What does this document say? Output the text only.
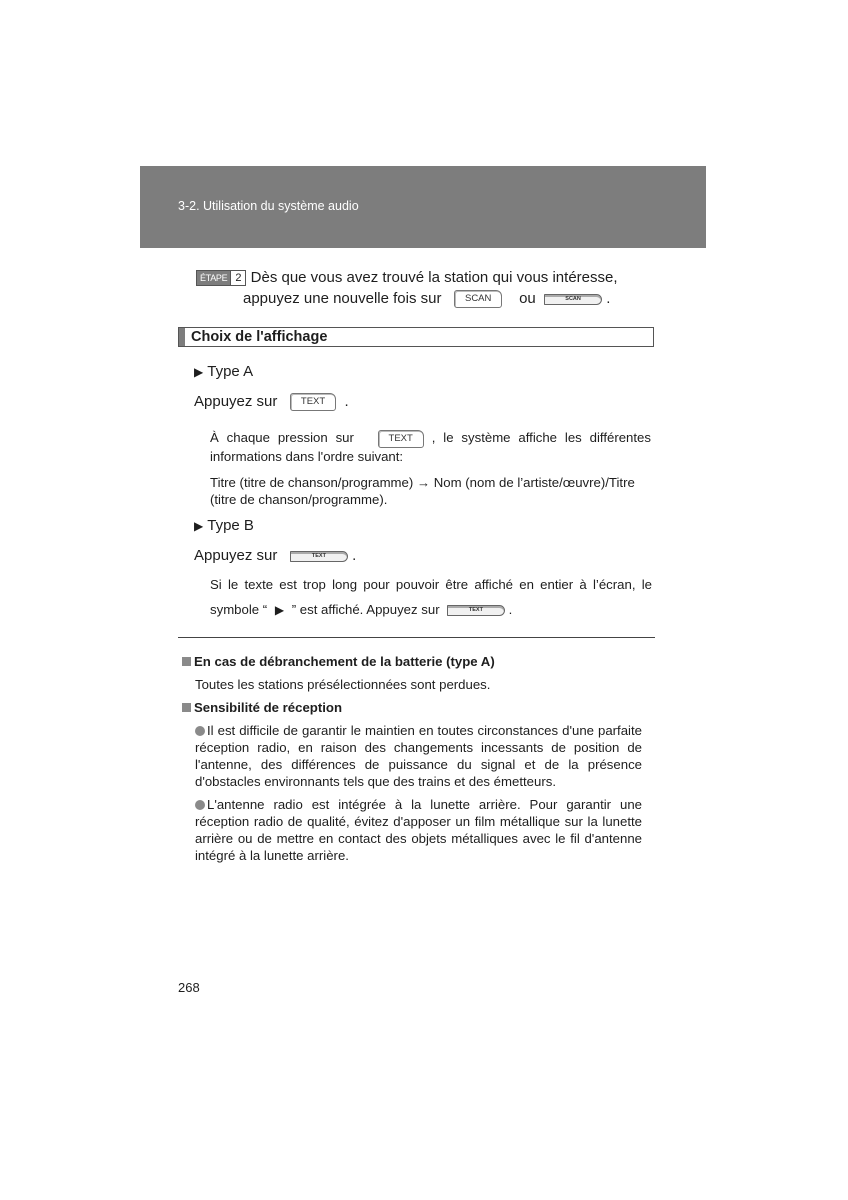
3-2. Utilisation du système audio
ÉTAPE 2 Dès que vous avez trouvé la station qui vous intéresse,
appuyez une nouvelle fois sur SCAN ou	SCAN .
Choix de l'affichage
▶ Type A
Appuyez sur TEXT .
À chaque pression sur	TEXT , le système affiche les différentes informations dans l'ordre suivant:
Titre (titre de chanson/programme) → Nom (nom de l’artiste/œuvre)/Titre (titre de chanson/programme).
▶ Type B
Appuyez sur	TEXT .
Si le texte est trop long pour pouvoir être affiché en entier à l’écran, le
symbole “ ▶ ” est affiché. Appuyez sur	TEXT .
En cas de débranchement de la batterie (type A)
Toutes les stations présélectionnées sont perdues.
Sensibilité de réception
Il est difficile de garantir le maintien en toutes circonstances d'une parfaite réception radio, en raison des changements incessants de position de l'antenne, des différences de puissance du signal et de la présence d'obstacles environnants tels que des trains et des émetteurs.
L'antenne radio est intégrée à la lunette arrière. Pour garantir une réception radio de qualité, évitez d'apposer un film métallique sur la lunette arrière ou de mettre en contact des objets métalliques avec le fil d'antenne intégré à la lunette arrière.
268
